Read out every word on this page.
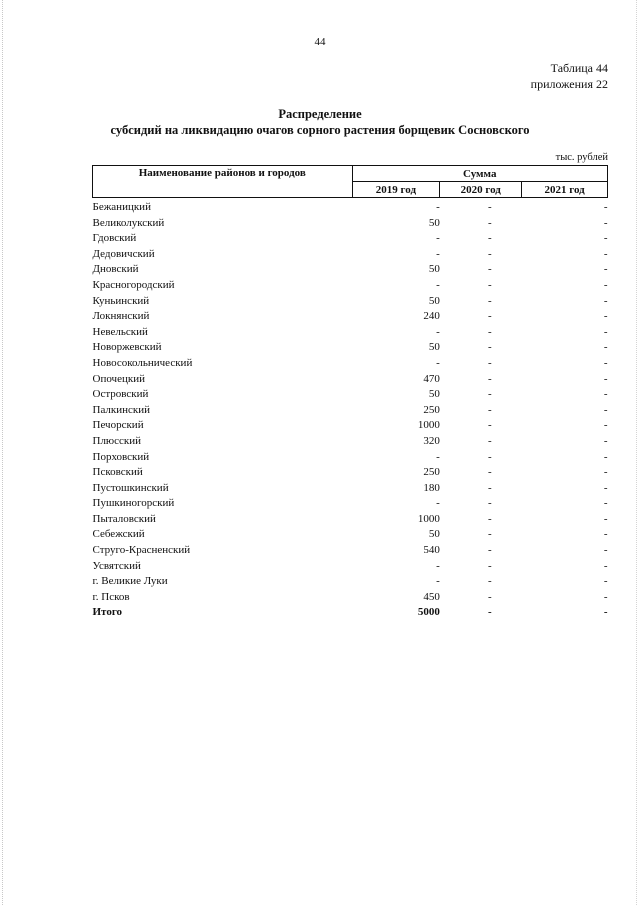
44
Таблица 44
приложения 22
Распределение
субсидий на ликвидацию очагов сорного растения борщевик Сосновского
тыс. рублей
Наименование районов и городов	Сумма		
	2019 год	2020 год	2021 год
Бежаницкий	-	-	-
Великолукский	50	-	-
Гдовский	-	-	-
Дедовичский	-	-	-
Дновский	50	-	-
Красногородский	-	-	-
Куньинский	50	-	-
Локнянский	240	-	-
Невельский	-	-	-
Новоржевский	50	-	-
Новосокольнический	-	-	-
Опочецкий	470	-	-
Островский	50	-	-
Палкинский	250	-	-
Печорский	1000	-	-
Плюсский	320	-	-
Порховский	-	-	-
Псковский	250	-	-
Пустошкинский	180	-	-
Пушкиногорский	-	-	-
Пыталовский	1000	-	-
Себежский	50	-	-
Струго-Красненский	540	-	-
Усвятский	-	-	-
г. Великие Луки	-	-	-
г. Псков	450	-	-
Итого	5000	-	-
